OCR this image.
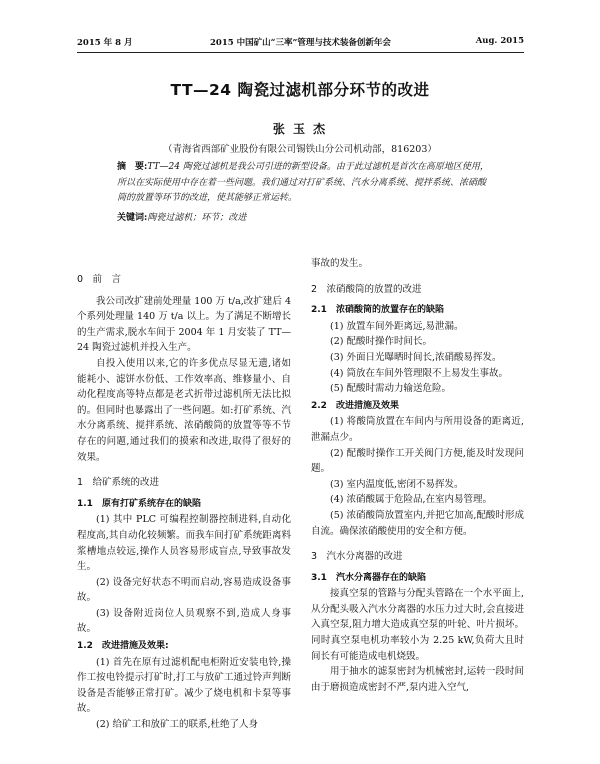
2015 年 8 月	2015 中国矿山“三率”管理与技术装备创新年会	Aug. 2015
TT—24 陶瓷过滤机部分环节的改进
张 玉 杰
（青海省西部矿业股份有限公司锡铁山分公司机动部，816203）
摘　要:TT—24 陶瓷过滤机是我公司引进的新型设备。由于此过滤机是首次在高原地区使用，所以在实际使用中存在着一些问题。我们通过对打矿系统、汽水分离系统、搅拌系统、浓硝酸筒的放置等环节的改进，使其能够正常运转。
关键词:陶瓷过滤机；环节；改进
0　前　言

我公司改扩建前处理量 100 万 t/a,改扩建后 4 个系列处理量 140 万 t/a 以上。为了满足不断增长的生产需求,脱水车间于 2004 年 1 月安装了 TT—24 陶瓷过滤机并投入生产。

自投入使用以来,它的许多优点尽显无遗,诸如能耗小、滤饼水份低、工作效率高、维修量小、自动化程度高等特点都是老式折带过滤机所无法比拟的。但同时也暴露出了一些问题。如:打矿系统、汽水分离系统、搅拌系统、浓硝酸筒的放置等等不节存在的问题,通过我们的摸索和改进,取得了很好的效果。

1　给矿系统的改进
1.1　原有打矿系统存在的缺陷

(1) 其中 PLC 可编程控制器控制进料,自动化程度高,其自动化较频繁。而我车间打矿系统距离料浆槽地点较远,操作人员容易形成盲点,导致事故发生。

(2) 设备完好状态不明而启动,容易造成设备事故。

(3) 设备附近岗位人员观察不到,造成人身事故。

1.2　改进措施及效果:

(1) 首先在原有过滤机配电柜附近安装电铃,操作工按电铃提示打矿时,打工与放矿工通过铃声判断设备是否能够正常打矿。减少了烧电机和卡泵等事故。

(2) 给矿工和放矿工的联系,杜绝了人身

事故的发生。

2　浓硝酸筒的放置的改进
2.1　浓硝酸筒的放置存在的缺陷

(1) 放置车间外距离远,易泄漏。

(2) 配酸时操作时间长。

(3) 外面日光曝晒时间长,浓硝酸易挥发。

(4) 筒放在车间外管理限不上易发生事故。

(5) 配酸时需动力输送危险。

2.2　改进措施及效果

(1) 将酸筒放置在车间内与所用设备的距离近,泄漏点少。

(2) 配酸时操作工开关阀门方便,能及时发现问题。

(3) 室内温度低,密闭不易挥发。

(4) 浓硝酸属于危险品,在室内易管理。

(5) 浓硝酸筒放置室内,并把它加高,配酸时形成自流。确保浓硝酸使用的安全和方便。

3　汽水分离器的改进
3.1　汽水分离器存在的缺陷

接真空泵的管路与分配头管路在一个水平面上,从分配头吸入汽水分离器的水压力过大时,会直接进入真空泵,阻力增大造成真空泵的叶轮、叶片损坏。同时真空泵电机功率较小为 2.25 kW,负荷大且时间长有可能造成电机烧毁。

用于抽水的滤泵密封为机械密封,运转一段时间由于磨损造成密封不严,泵内进入空气,
